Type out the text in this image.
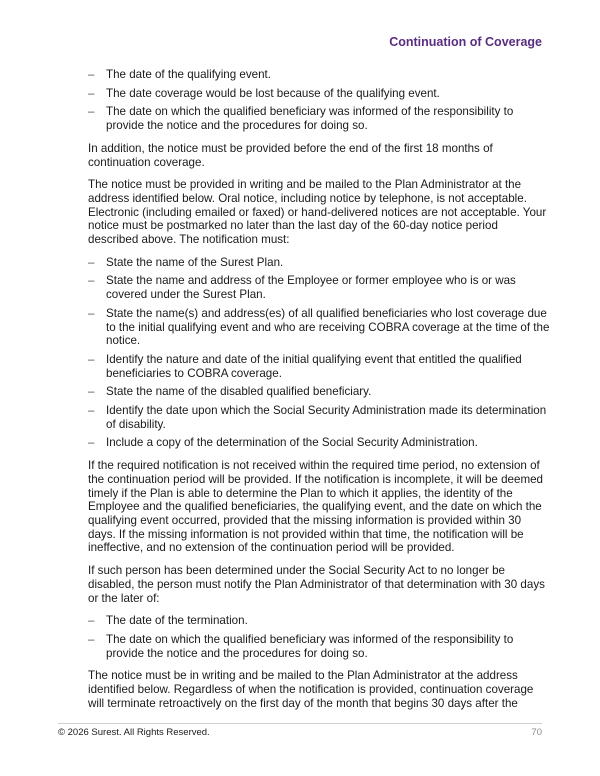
Continuation of Coverage
– The date of the qualifying event.
– The date coverage would be lost because of the qualifying event.
– The date on which the qualified beneficiary was informed of the responsibility to provide the notice and the procedures for doing so.

In addition, the notice must be provided before the end of the first 18 months of continuation coverage.

The notice must be provided in writing and be mailed to the Plan Administrator at the address identified below. Oral notice, including notice by telephone, is not acceptable. Electronic (including emailed or faxed) or hand-delivered notices are not acceptable. Your notice must be postmarked no later than the last day of the 60-day notice period described above. The notification must:

– State the name of the Surest Plan.
– State the name and address of the Employee or former employee who is or was covered under the Surest Plan.
– State the name(s) and address(es) of all qualified beneficiaries who lost coverage due to the initial qualifying event and who are receiving COBRA coverage at the time of the notice.
– Identify the nature and date of the initial qualifying event that entitled the qualified beneficiaries to COBRA coverage.
– State the name of the disabled qualified beneficiary.
– Identify the date upon which the Social Security Administration made its determination of disability.
– Include a copy of the determination of the Social Security Administration.

If the required notification is not received within the required time period, no extension of the continuation period will be provided. If the notification is incomplete, it will be deemed timely if the Plan is able to determine the Plan to which it applies, the identity of the Employee and the qualified beneficiaries, the qualifying event, and the date on which the qualifying event occurred, provided that the missing information is provided within 30 days. If the missing information is not provided within that time, the notification will be ineffective, and no extension of the continuation period will be provided.

If such person has been determined under the Social Security Act to no longer be disabled, the person must notify the Plan Administrator of that determination with 30 days or the later of:

– The date of the termination.
– The date on which the qualified beneficiary was informed of the responsibility to provide the notice and the procedures for doing so.

The notice must be in writing and be mailed to the Plan Administrator at the address identified below. Regardless of when the notification is provided, continuation coverage will terminate retroactively on the first day of the month that begins 30 days after the

© 2026 Surest. All Rights Reserved.	70
